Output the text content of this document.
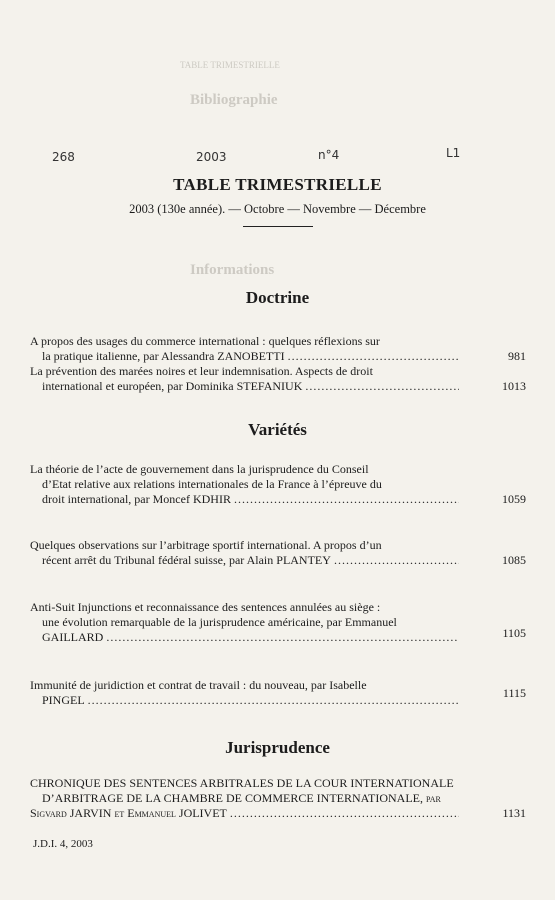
TABLE TRIMESTRIELLE
Bibliographie
Informations
268	2003	n°4	L1
TABLE TRIMESTRIELLE
2003 (130e année). — Octobre — Novembre — Décembre
Doctrine
A propos des usages du commerce international : quelques réflexions sur
la pratique italienne, par Alessandra ZANOBETTI .....	981
La prévention des marées noires et leur indemnisation. Aspects de droit
international et européen, par Dominika STEFANIUK .....	1013
Variétés
La théorie de l’acte de gouvernement dans la jurisprudence du Conseil
d’Etat relative aux relations internationales de la France à l’épreuve du
droit international, par Moncef KDHIR .....	1059
Quelques observations sur l’arbitrage sportif international. A propos d’un
récent arrêt du Tribunal fédéral suisse, par Alain PLANTEY .....	1085
Anti-Suit Injunctions et reconnaissance des sentences annulées au siège :
une évolution remarquable de la jurisprudence américaine, par Emmanuel
GAILLARD .....	1105
Immunité de juridiction et contrat de travail : du nouveau, par Isabelle
PINGEL .....	1115
Jurisprudence
CHRONIQUE DES SENTENCES ARBITRALES DE LA COUR INTERNATIONALE
D’ARBITRAGE DE LA CHAMBRE DE COMMERCE INTERNATIONALE, par
Sigvard JARVIN et Emmanuel JOLIVET .....	1131
J.D.I. 4, 2003
